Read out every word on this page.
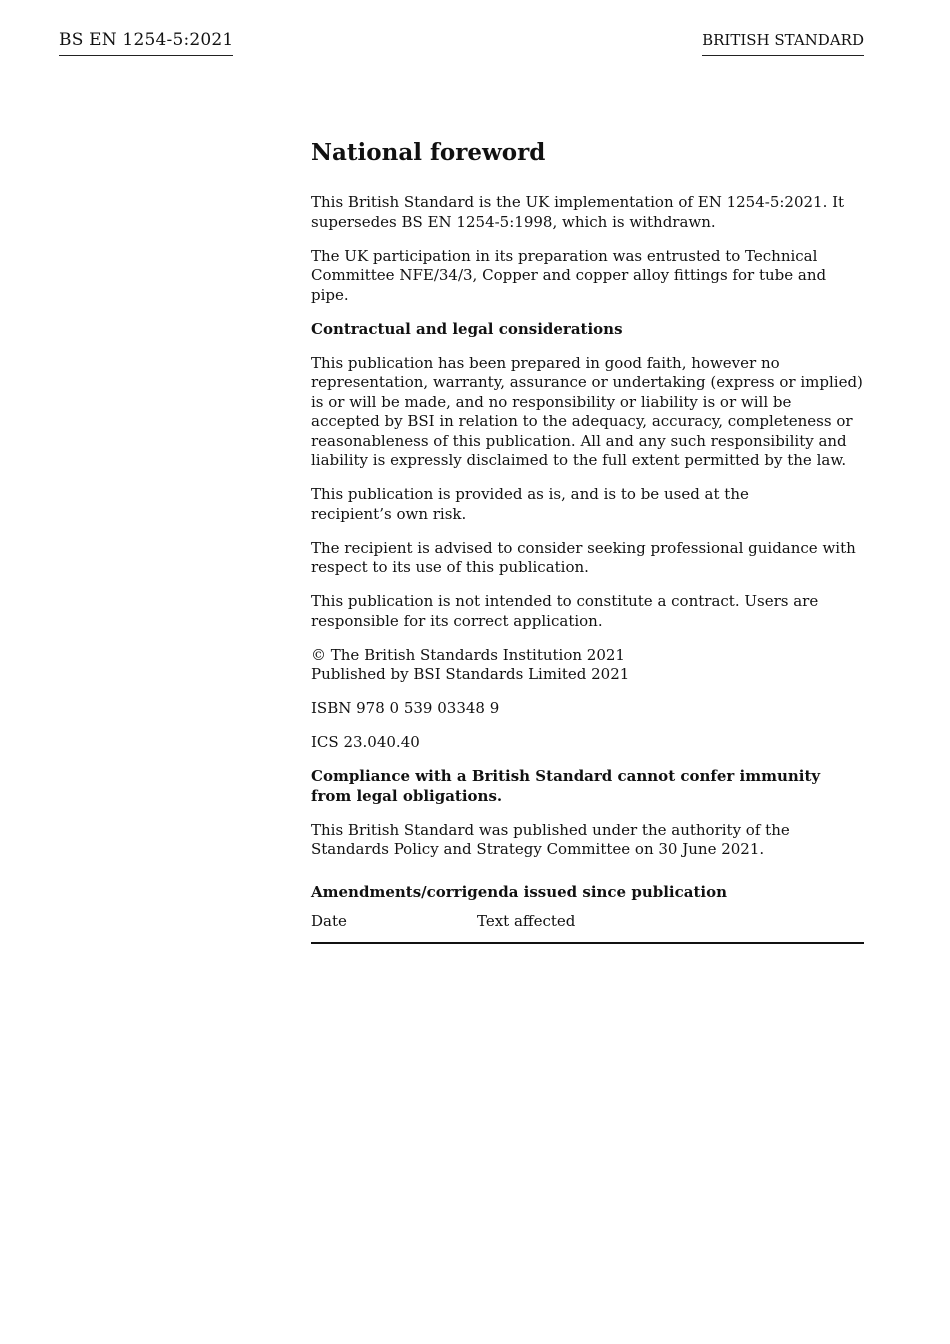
BS EN 1254-5:2021	BRITISH STANDARD
National foreword

This British Standard is the UK implementation of EN 1254-5:2021. It supersedes BS EN 1254-5:1998, which is withdrawn.

The UK participation in its preparation was entrusted to Technical Committee NFE/34/3, Copper and copper alloy fittings for tube and pipe.

Contractual and legal considerations

This publication has been prepared in good faith, however no representation, warranty, assurance or undertaking (express or implied) is or will be made, and no responsibility or liability is or will be accepted by BSI in relation to the adequacy, accuracy, completeness or reasonableness of this publication. All and any such responsibility and liability is expressly disclaimed to the full extent permitted by the law.

This publication is provided as is, and is to be used at the
recipient’s own risk.

The recipient is advised to consider seeking professional guidance with respect to its use of this publication.

This publication is not intended to constitute a contract. Users are responsible for its correct application.

© The British Standards Institution 2021
Published by BSI Standards Limited 2021

ISBN 978 0 539 03348 9

ICS 23.040.40

Compliance with a British Standard cannot confer immunity from legal obligations.

This British Standard was published under the authority of the
Standards Policy and Strategy Committee on 30 June 2021.

Amendments/corrigenda issued since publication
Date	Text affected
